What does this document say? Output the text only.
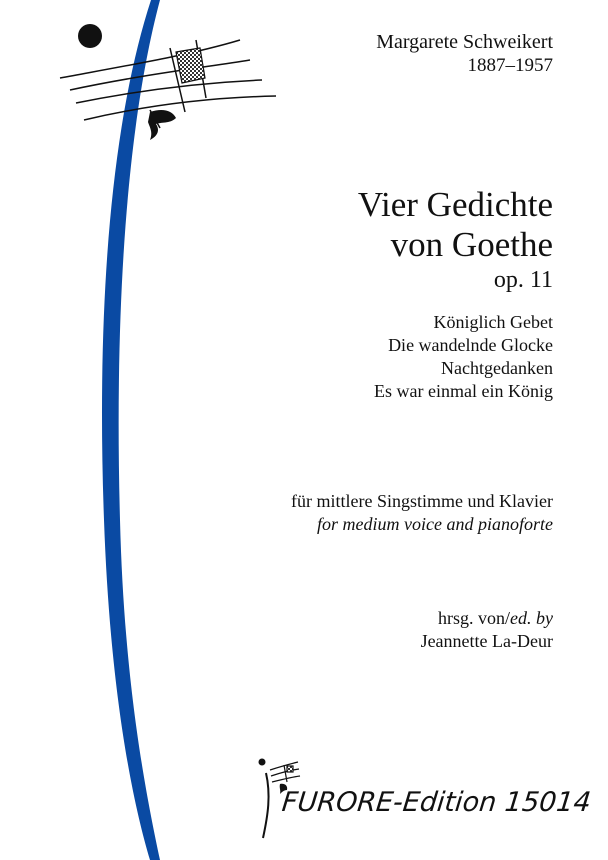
Margarete Schweikert
1887–1957
Vier Gedichte
von Goethe
op. 11
Königlich Gebet
Die wandelnde Glocke
Nachtgedanken
Es war einmal ein König
für mittlere Singstimme und Klavier
for medium voice and pianoforte
hrsg. von/ed. by
Jeannette La-Deur
FURORE-Edition 15014
